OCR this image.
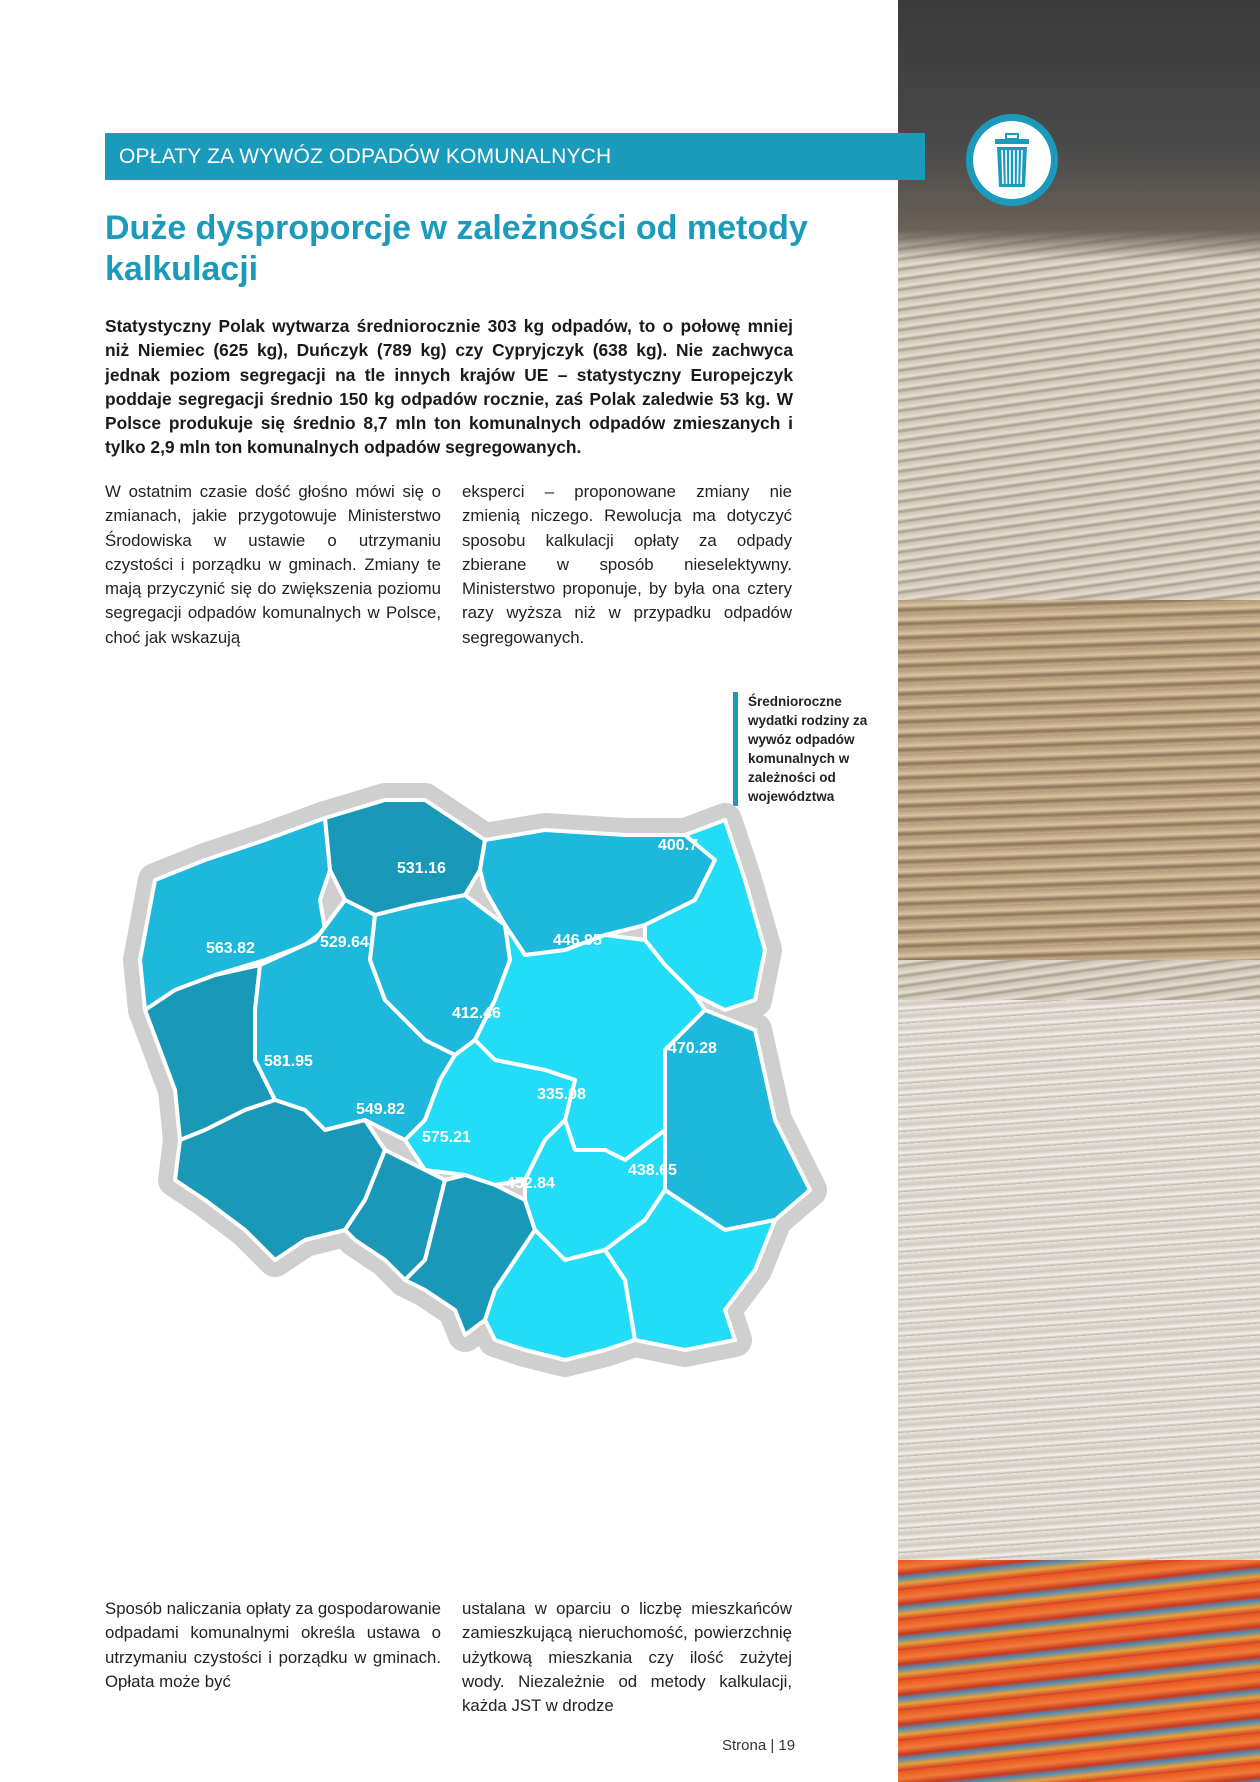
OPŁATY ZA WYWÓZ ODPADÓW KOMUNALNYCH
Duże dysproporcje w zależności od metody kalkulacji
Statystyczny Polak wytwarza średniorocznie 303 kg odpadów, to o połowę mniej niż Niemiec (625 kg), Duńczyk (789 kg) czy Cypryjczyk (638 kg). Nie zachwyca jednak poziom segregacji na tle innych krajów UE – statystyczny Europejczyk poddaje segregacji średnio 150 kg odpadów rocznie, zaś Polak zaledwie 53 kg. W Polsce produkuje się średnio 8,7 mln ton komunalnych odpadów zmieszanych i tylko 2,9 mln ton komunalnych odpadów segregowanych.
W ostatnim czasie dość głośno mówi się o zmianach, jakie przygotowuje Ministerstwo Środowiska w ustawie o utrzymaniu czystości i porządku w gminach. Zmiany te mają przyczynić się do zwiększenia poziomu segregacji odpadów komunalnych w Polsce, choć jak wskazują
eksperci – proponowane zmiany nie zmienią niczego. Rewolucja ma dotyczyć sposobu kalkulacji opłaty za odpady zbierane w sposób nieselektywny. Ministerstwo proponuje, by była ona cztery razy wyższa niż w przypadku odpadów segregowanych.
Średnioroczne wydatki rodziny za wywóz odpadów komunalnych w zależności od województwa
530.27
552.27
489.73
400.7
563.82	529.64
531.16
446.95
412.46
470.28
581.95
549.82
575.21
335.08
452.84
438.65
Sposób naliczania opłaty za gospodarowanie odpadami komunalnymi określa ustawa o utrzymaniu czystości i porządku w gminach. Opłata może być
ustalana w oparciu o liczbę mieszkańców zamieszkującą nieruchomość, powierzchnię użytkową mieszkania czy ilość zużytej wody. Niezależnie od metody kalkulacji, każda JST w drodze
Strona | 19
